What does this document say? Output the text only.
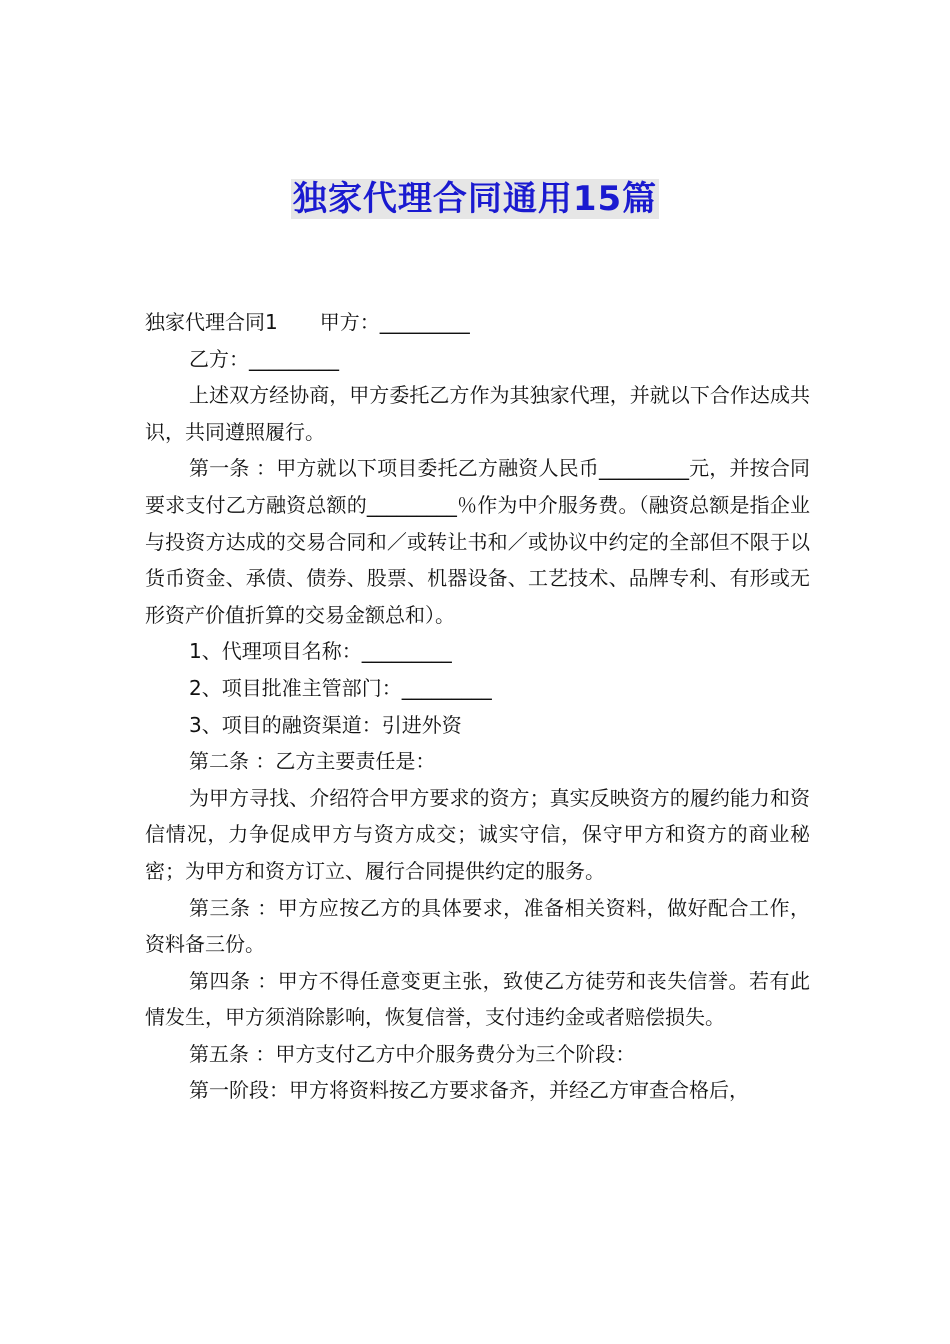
独家代理合同通用15篇

独家代理合同1 甲方：_________

乙方：_________

上述双方经协商，甲方委托乙方作为其独家代理，并就以下合作达成共识，共同遵照履行。

第一条 ：甲方就以下项目委托乙方融资人民币_________元，并按合同要求支付乙方融资总额的_________％作为中介服务费。（融资总额是指企业与投资方达成的交易合同和／或转让书和／或协议中约定的全部但不限于以货币资金、承债、债券、股票、机器设备、工艺技术、品牌专利、有形或无形资产价值折算的交易金额总和）。

1、代理项目名称：_________

2、项目批准主管部门：_________

3、项目的融资渠道：引进外资

第二条 ：乙方主要责任是：

为甲方寻找、介绍符合甲方要求的资方；真实反映资方的履约能力和资信情况，力争促成甲方与资方成交；诚实守信，保守甲方和资方的商业秘密；为甲方和资方订立、履行合同提供约定的服务。

第三条 ：甲方应按乙方的具体要求，准备相关资料，做好配合工作，资料备三份。

第四条 ：甲方不得任意变更主张，致使乙方徒劳和丧失信誉。若有此情发生，甲方须消除影响，恢复信誉，支付违约金或者赔偿损失。

第五条 ：甲方支付乙方中介服务费分为三个阶段：

第一阶段：甲方将资料按乙方要求备齐，并经乙方审查合格后，
